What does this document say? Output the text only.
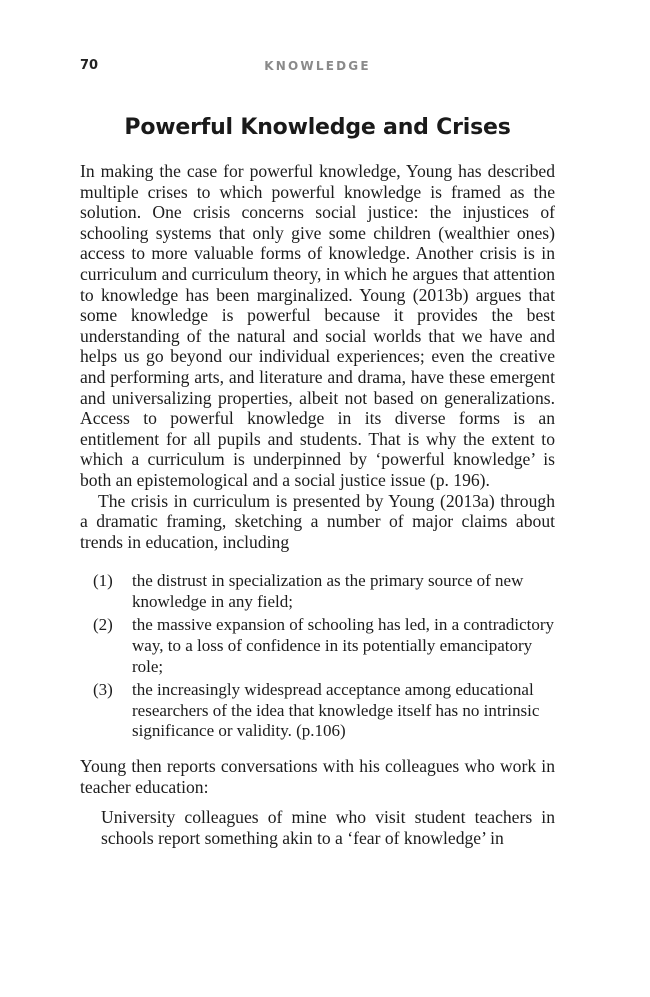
70	KNOWLEDGE
Powerful Knowledge and Crises

In making the case for powerful knowledge, Young has described multiple crises to which powerful knowledge is framed as the solution. One crisis concerns social justice: the injustices of schooling systems that only give some children (wealthier ones) access to more valuable forms of knowledge. Another crisis is in curriculum and curriculum theory, in which he argues that attention to knowledge has been marginalized. Young (2013b) argues that some knowledge is powerful because it provides the best understanding of the natural and social worlds that we have and helps us go beyond our individual experiences; even the creative and performing arts, and literature and drama, have these emergent and universalizing properties, albeit not based on generalizations. Access to powerful knowledge in its diverse forms is an entitlement for all pupils and students. That is why the extent to which a curriculum is underpinned by ‘powerful knowledge’ is both an epistemological and a social justice issue (p. 196).

The crisis in curriculum is presented by Young (2013a) through a dramatic framing, sketching a number of major claims about trends in education, including

(1) the distrust in specialization as the primary source of new knowledge in any field;
(2) the massive expansion of schooling has led, in a contradictory way, to a loss of confidence in its potentially emancipatory role;
(3) the increasingly widespread acceptance among educational researchers of the idea that knowledge itself has no intrinsic significance or validity. (p.106)

Young then reports conversations with his colleagues who work in teacher education:

University colleagues of mine who visit student teachers in schools report something akin to a ‘fear of knowledge’ in
